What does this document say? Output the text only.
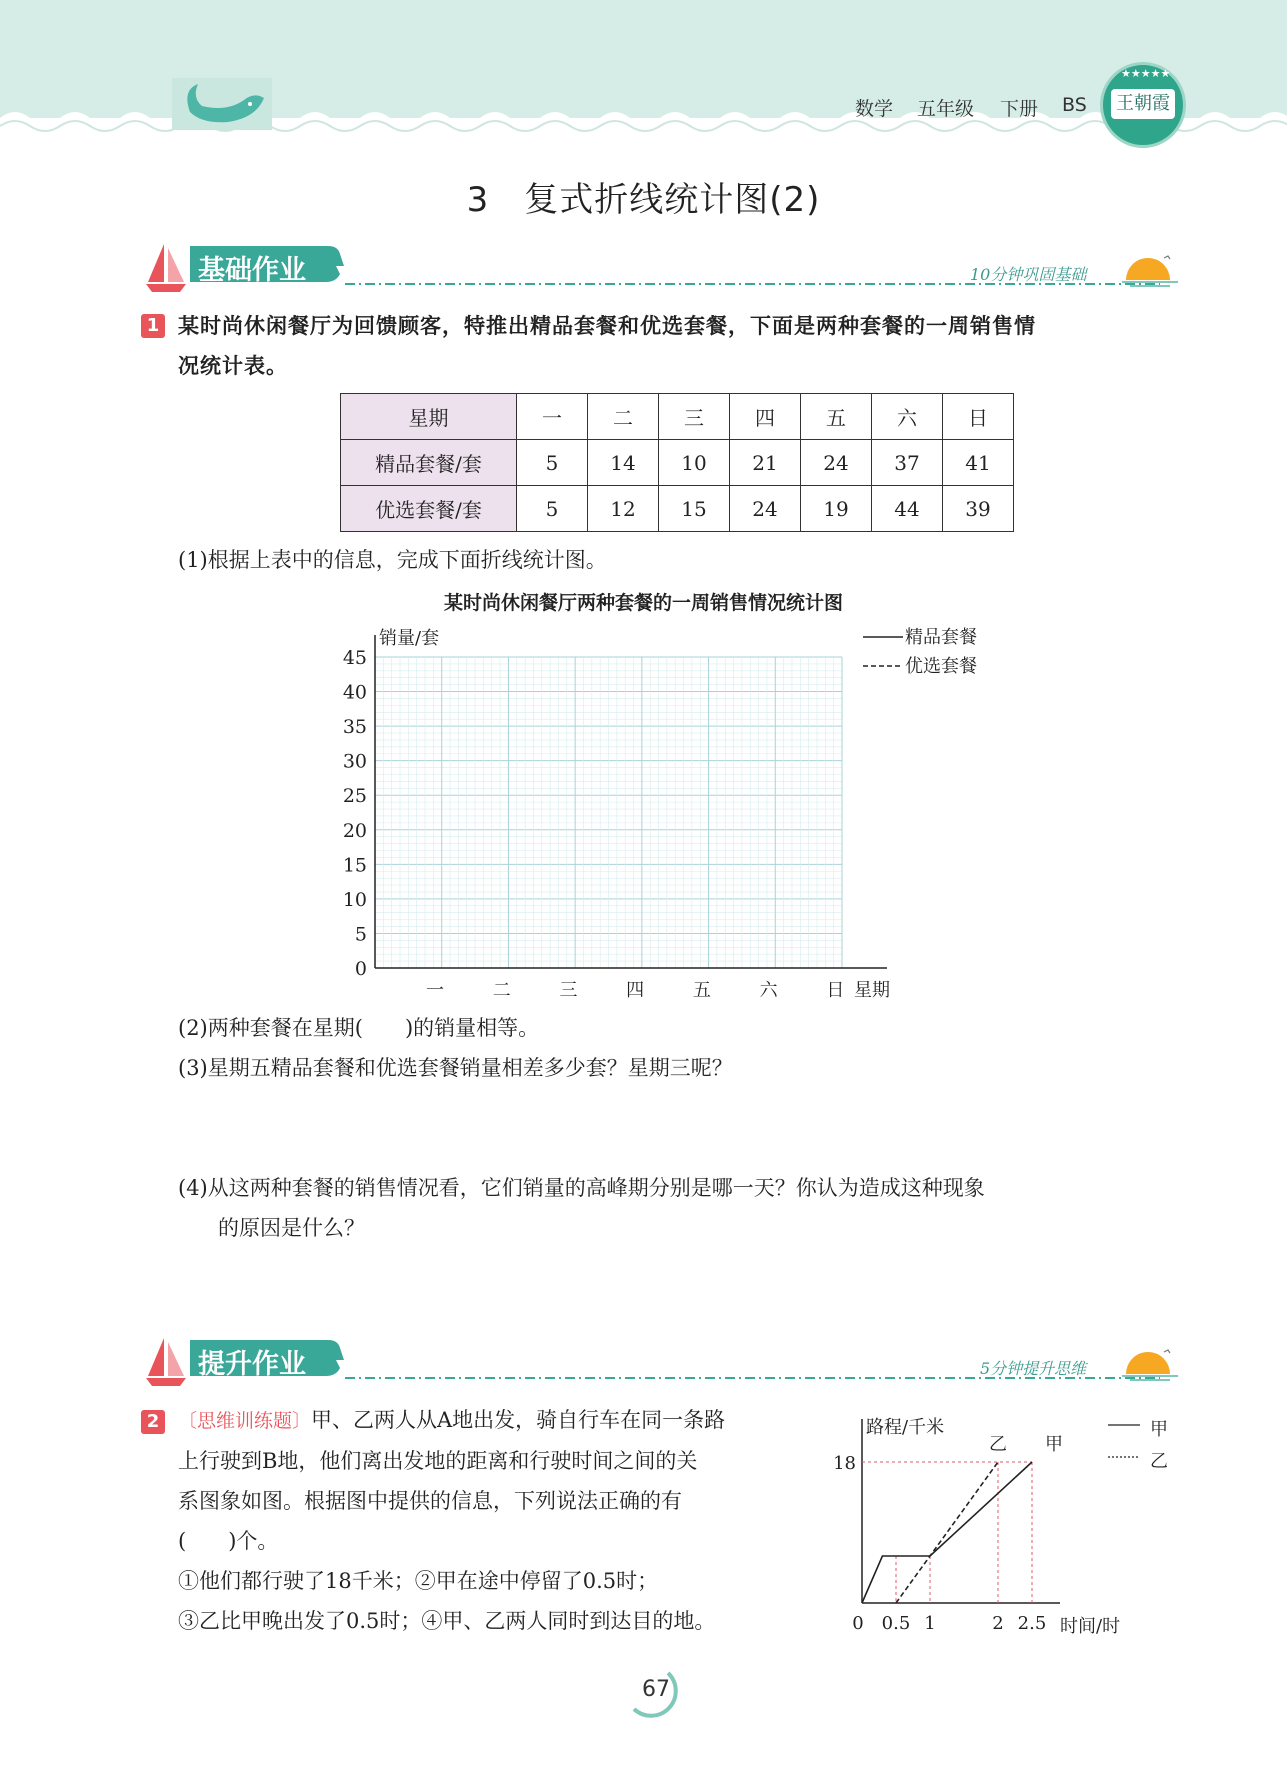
数学 五年级 下册 BS 王朝霞
★★★★★
3　复式折线统计图(2)
基础作业	10分钟巩固基础
1 某时尚休闲餐厅为回馈顾客，特推出精品套餐和优选套餐，下面是两种套餐的一周销售情
况统计表。
星期	一	二	三	四	五	六	日
精品套餐/套	5	14	10	21	24	37	41
优选套餐/套	5	12	15	24	19	44	39
(1)根据上表中的信息，完成下面折线统计图。
某时尚休闲餐厅两种套餐的一周销售情况统计图
销量/套
0
5
10
15
20
25
30
35
40
45
一	二	三	四	五	六	日 星期
精品套餐
优选套餐
(2)两种套餐在星期(　　)的销量相等。
(3)星期五精品套餐和优选套餐销量相差多少套？星期三呢？
(4)从这两种套餐的销售情况看，它们销量的高峰期分别是哪一天？你认为造成这种现象
的原因是什么？
提升作业	5分钟提升思维
2 〔思维训练题〕甲、乙两人从A地出发，骑自行车在同一条路
上行驶到B地，他们离出发地的距离和行驶时间之间的关
系图象如图。根据图中提供的信息，下列说法正确的有
(　　)个。
①他们都行驶了18千米；②甲在途中停留了0.5时；
③乙比甲晚出发了0.5时；④甲、乙两人同时到达目的地。
路程/千米
时间/时
18
0 0.5 1	2 2.5
甲
乙
甲
乙
67
